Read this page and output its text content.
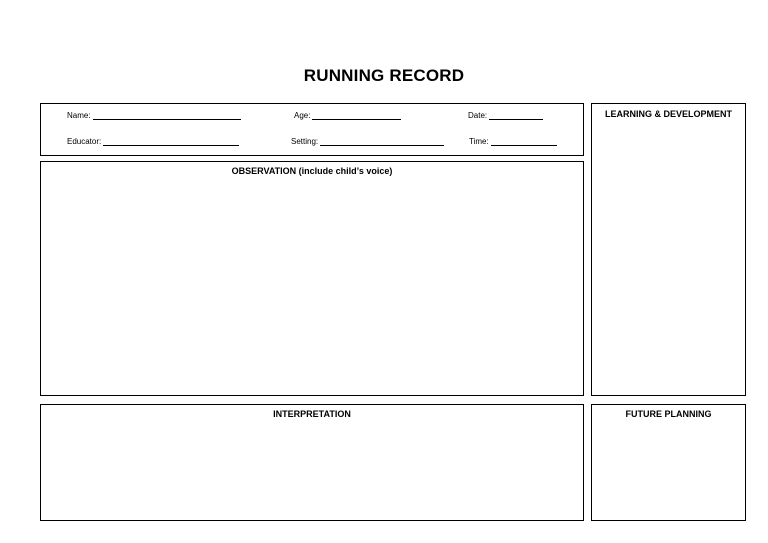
RUNNING RECORD
Name:	Age:	Date:
Educator:	Setting:	Time:
OBSERVATION (include child’s voice)
LEARNING & DEVELOPMENT
INTERPRETATION	FUTURE PLANNING
